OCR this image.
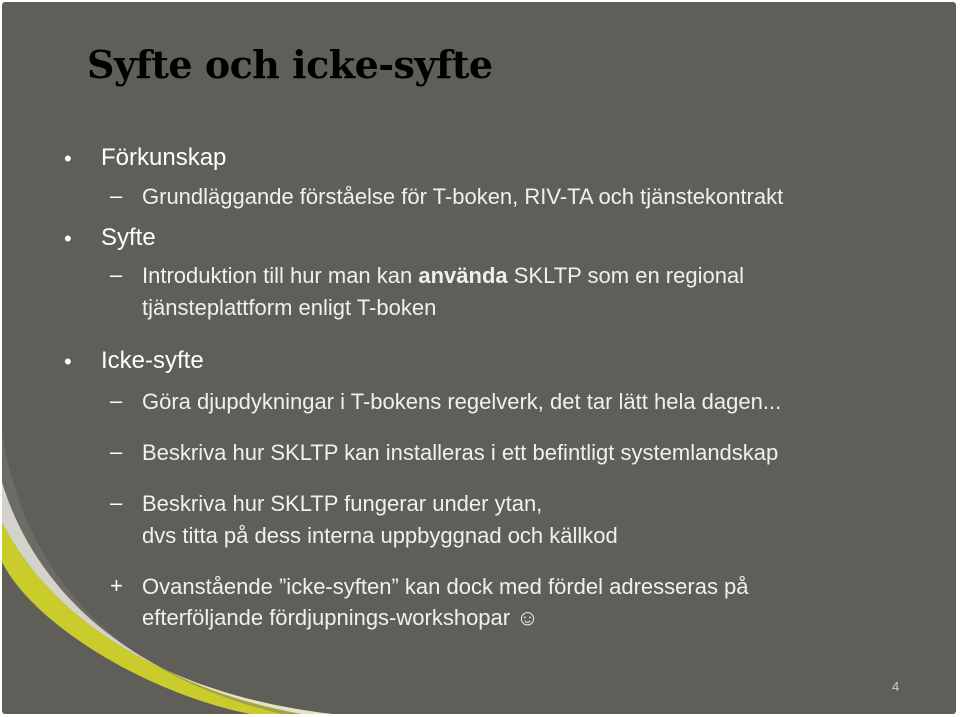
Syfte och icke-syfte
• Förkunskap
– Grundläggande förståelse för T-boken, RIV-TA och tjänstekontrakt
• Syfte
– Introduktion till hur man kan använda SKLTP som en regional
tjänsteplattform enligt T-boken
• Icke-syfte
– Göra djupdykningar i T-bokens regelverk, det tar lätt hela dagen...
– Beskriva hur SKLTP kan installeras i ett befintligt systemlandskap
– Beskriva hur SKLTP fungerar under ytan,
dvs titta på dess interna uppbyggnad och källkod
+ Ovanstående ”icke-syften” kan dock med fördel adresseras på
efterföljande fördjupnings-workshopar ☺
4
